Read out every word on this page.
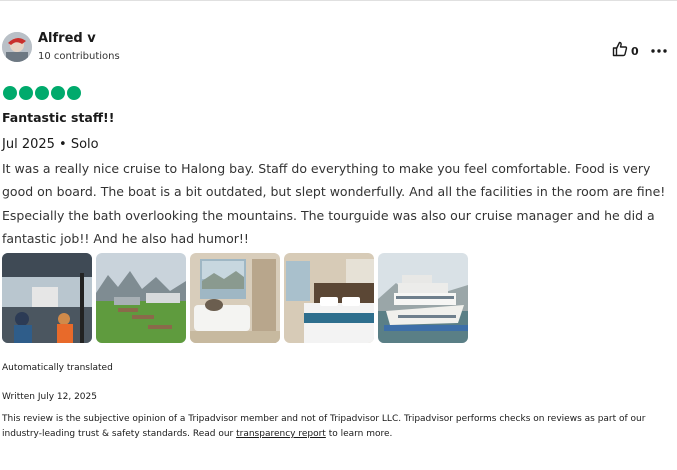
Alfred v
10 contributions	0
Fantastic staff!!
Jul 2025 • Solo
It was a really nice cruise to Halong bay. Staff do everything to make you feel comfortable. Food is very good on board. The boat is a bit outdated, but slept wonderfully. And all the facilities in the room are fine! Especially the bath overlooking the mountains. The tourguide was also our cruise manager and he did a fantastic job!! And he also had humor!!
Automatically translated
Written July 12, 2025
This review is the subjective opinion of a Tripadvisor member and not of Tripadvisor LLC. Tripadvisor performs checks on reviews as part of our industry-leading trust & safety standards. Read our transparency report to learn more.
